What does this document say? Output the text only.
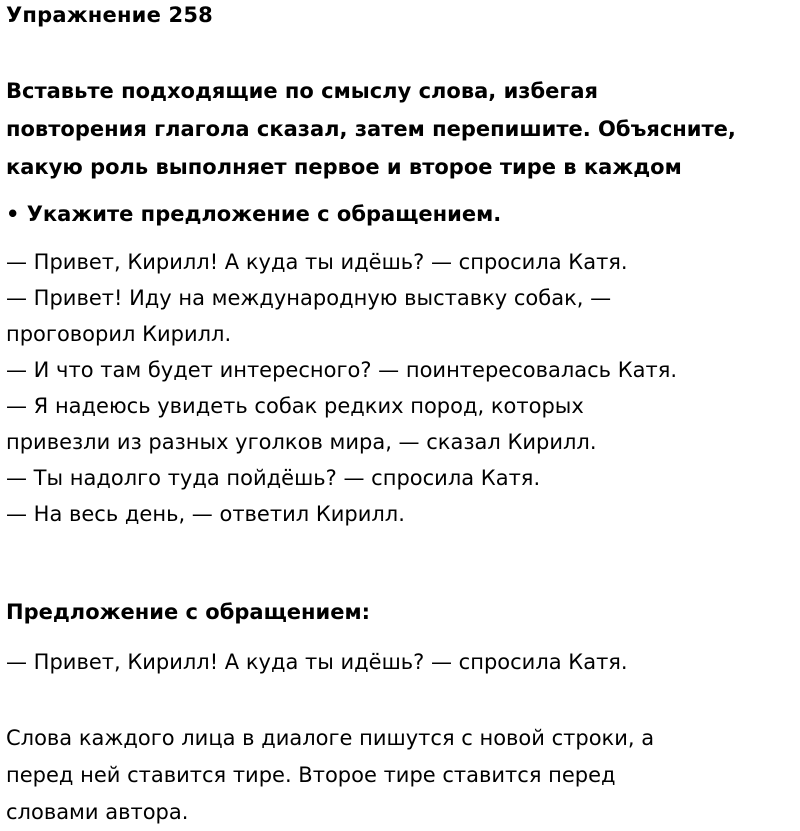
Упражнение 258
Вставьте подходящие по смыслу слова, избегая
повторения глагола сказал, затем перепишите. Объясните,
какую роль выполняет первое и второе тире в каждом
• Укажите предложение с обращением.
— Привет, Кирилл! А куда ты идёшь? — спросила Катя.
— Привет! Иду на международную выставку собак, —
проговорил Кирилл.
— И что там будет интересного? — поинтересовалась Катя.
— Я надеюсь увидеть собак редких пород, которых
привезли из разных уголков мира, — сказал Кирилл.
— Ты надолго туда пойдёшь? — спросила Катя.
— На весь день, — ответил Кирилл.
Предложение с обращением:
— Привет, Кирилл! А куда ты идёшь? — спросила Катя.
Слова каждого лица в диалоге пишутся с новой строки, а
перед ней ставится тире. Второе тире ставится перед
словами автора.
